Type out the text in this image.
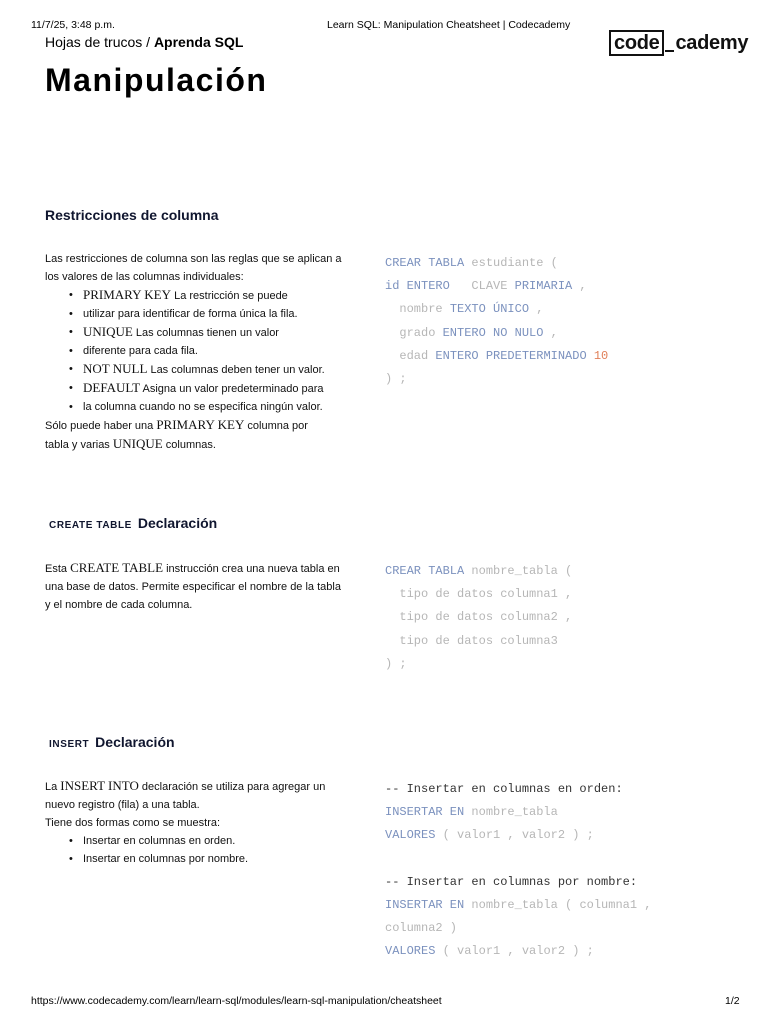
11/7/25, 3:48 p.m.	Learn SQL: Manipulation Cheatsheet | Codecademy
Hojas de trucos / Aprenda SQL	code cademy
Manipulación
Restricciones de columna

Las restricciones de columna son las reglas que se aplican a los valores de las columnas individuales:

• PRIMARY KEY La restricción se puede
• utilizar para identificar de forma única la fila.
• UNIQUE Las columnas tienen un valor
• diferente para cada fila.
• NOT NULL Las columnas deben tener un valor.
• DEFAULT Asigna un valor predeterminado para
• la columna cuando no se especifica ningún valor.

Sólo puede haber una PRIMARY KEY columna por
tabla y varias UNIQUE columnas.

CREAR TABLA estudiante (
id ENTERO   CLAVE PRIMARIA ,
nombre TEXTO ÚNICO ,
grado ENTERO NO NULO ,
edad ENTERO PREDETERMINADO 10
) ;
CREATE TABLE Declaración

Esta CREATE TABLE instrucción crea una nueva tabla en una base de datos. Permite especificar el nombre de la tabla y el nombre de cada columna.

CREAR TABLA nombre_tabla (
tipo de datos columna1 ,
tipo de datos columna2 ,
tipo de datos columna3
) ;
INSERT Declaración

La INSERT INTO declaración se utiliza para agregar un nuevo registro (fila) a una tabla.

Tiene dos formas como se muestra:

• Insertar en columnas en orden.
• Insertar en columnas por nombre.
-- Insertar en columnas en orden:
INSERTAR EN nombre_tabla
VALORES ( valor1 , valor2 ) ;

-- Insertar en columnas por nombre:
INSERTAR EN nombre_tabla ( columna1 ,
columna2 )
VALORES ( valor1 , valor2 ) ;
https://www.codecademy.com/learn/learn-sql/modules/learn-sql-manipulation/cheatsheet	1/2
